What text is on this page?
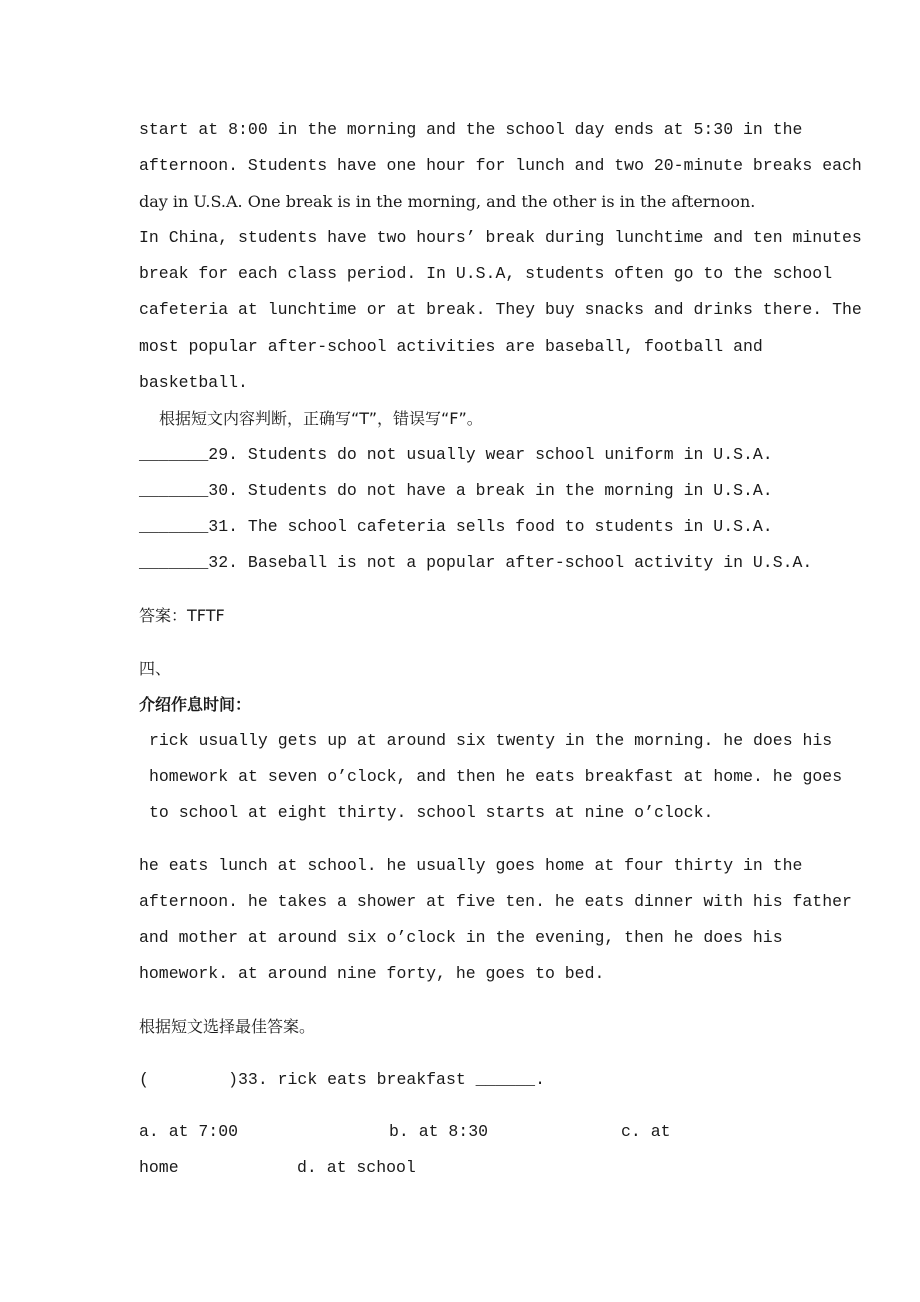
start at 8:00 in the morning and the school day ends at 5:30 in the

afternoon. Students have one hour for lunch and two 20-minute breaks each

day in U.S.A. One break is in the morning, and the other is in the afternoon.

In China, students have two hours’ break during lunchtime and ten minutes

break for each class period. In U.S.A, students often go to the school

cafeteria at lunchtime or at break. They buy snacks and drinks there. The

most popular after-school activities are baseball, football and

basketball.

根据短文内容判断，正确写“T”，错误写“F”。

_______29. Students do not usually wear school uniform in U.S.A.

_______30. Students do not have a break in the morning in U.S.A.

_______31. The school cafeteria sells food to students in U.S.A.

_______32. Baseball is not a popular after-school activity in U.S.A.

答案：TFTF

四、

介绍作息时间：

rick usually gets up at around six twenty in the morning. he does his

homework at seven o’clock, and then he eats breakfast at home. he goes

to school at eight thirty. school starts at nine o’clock.

he eats lunch at school. he usually goes home at four thirty in the

afternoon. he takes a shower at five ten. he eats dinner with his father

and mother at around six o’clock in the evening, then he does his

homework. at around nine forty, he goes to bed.

根据短文选择最佳答案。

(        )33. rick eats breakfast ______.

a. at 7:00	b. at 8:30	c. at

home	d. at school
